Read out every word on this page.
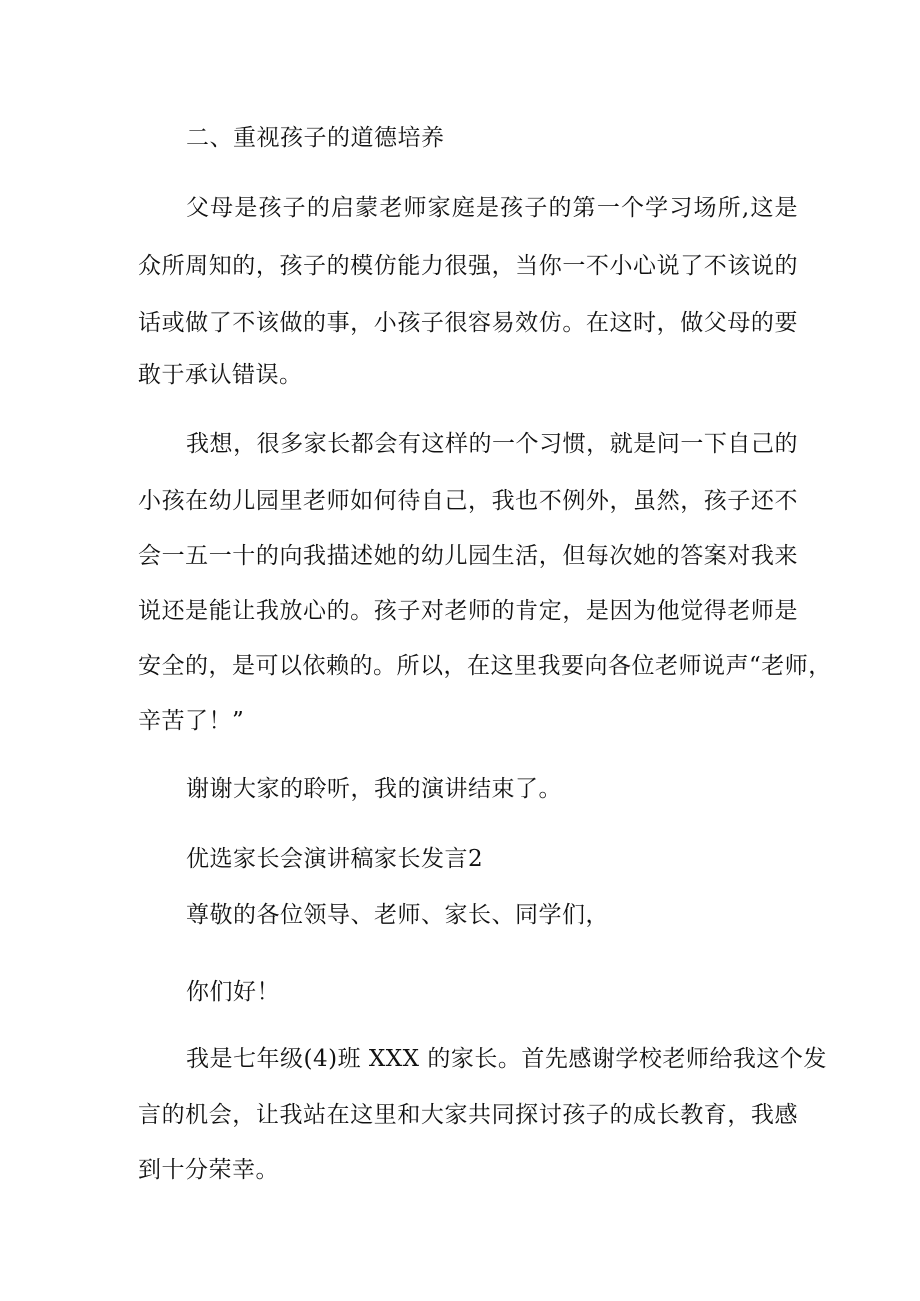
二、重视孩子的道德培养

父母是孩子的启蒙老师家庭是孩子的第一个学习场所,这是

众所周知的，孩子的模仿能力很强，当你一不小心说了不该说的

话或做了不该做的事，小孩子很容易效仿。在这时，做父母的要

敢于承认错误。

我想，很多家长都会有这样的一个习惯，就是问一下自己的

小孩在幼儿园里老师如何待自己，我也不例外，虽然，孩子还不

会一五一十的向我描述她的幼儿园生活，但每次她的答案对我来

说还是能让我放心的。孩子对老师的肯定，是因为他觉得老师是

安全的，是可以依赖的。所以，在这里我要向各位老师说声“老师，

辛苦了！”

谢谢大家的聆听，我的演讲结束了。

优选家长会演讲稿家长发言2

尊敬的各位领导、老师、家长、同学们，

你们好！

我是七年级(4)班 XXX 的家长。首先感谢学校老师给我这个发

言的机会，让我站在这里和大家共同探讨孩子的成长教育，我感

到十分荣幸。
